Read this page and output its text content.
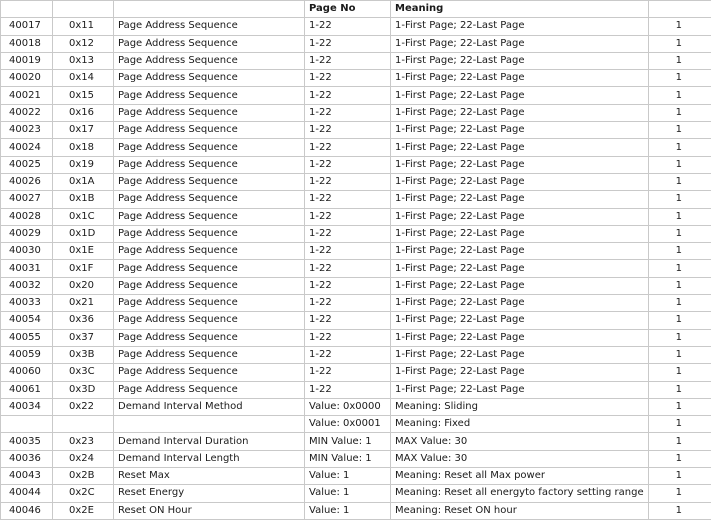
			Page No	Meaning	
40017	0x11	Page Address Sequence	1-22	1-First Page; 22-Last Page	1
40018	0x12	Page Address Sequence	1-22	1-First Page; 22-Last Page	1
40019	0x13	Page Address Sequence	1-22	1-First Page; 22-Last Page	1
40020	0x14	Page Address Sequence	1-22	1-First Page; 22-Last Page	1
40021	0x15	Page Address Sequence	1-22	1-First Page; 22-Last Page	1
40022	0x16	Page Address Sequence	1-22	1-First Page; 22-Last Page	1
40023	0x17	Page Address Sequence	1-22	1-First Page; 22-Last Page	1
40024	0x18	Page Address Sequence	1-22	1-First Page; 22-Last Page	1
40025	0x19	Page Address Sequence	1-22	1-First Page; 22-Last Page	1
40026	0x1A	Page Address Sequence	1-22	1-First Page; 22-Last Page	1
40027	0x1B	Page Address Sequence	1-22	1-First Page; 22-Last Page	1
40028	0x1C	Page Address Sequence	1-22	1-First Page; 22-Last Page	1
40029	0x1D	Page Address Sequence	1-22	1-First Page; 22-Last Page	1
40030	0x1E	Page Address Sequence	1-22	1-First Page; 22-Last Page	1
40031	0x1F	Page Address Sequence	1-22	1-First Page; 22-Last Page	1
40032	0x20	Page Address Sequence	1-22	1-First Page; 22-Last Page	1
40033	0x21	Page Address Sequence	1-22	1-First Page; 22-Last Page	1
40054	0x36	Page Address Sequence	1-22	1-First Page; 22-Last Page	1
40055	0x37	Page Address Sequence	1-22	1-First Page; 22-Last Page	1
40059	0x3B	Page Address Sequence	1-22	1-First Page; 22-Last Page	1
40060	0x3C	Page Address Sequence	1-22	1-First Page; 22-Last Page	1
40061	0x3D	Page Address Sequence	1-22	1-First Page; 22-Last Page	1
40034	0x22	Demand Interval Method	Value: 0x0000	Meaning: Sliding	1
			Value: 0x0001	Meaning: Fixed	1
40035	0x23	Demand Interval Duration	MIN Value: 1	MAX Value: 30	1
40036	0x24	Demand Interval Length	MIN Value: 1	MAX Value: 30	1
40043	0x2B	Reset Max	Value: 1	Meaning: Reset all Max power	1
40044	0x2C	Reset Energy	Value: 1	Meaning: Reset all energyto factory setting range	1
40046	0x2E	Reset ON Hour	Value: 1	Meaning: Reset ON hour	1
